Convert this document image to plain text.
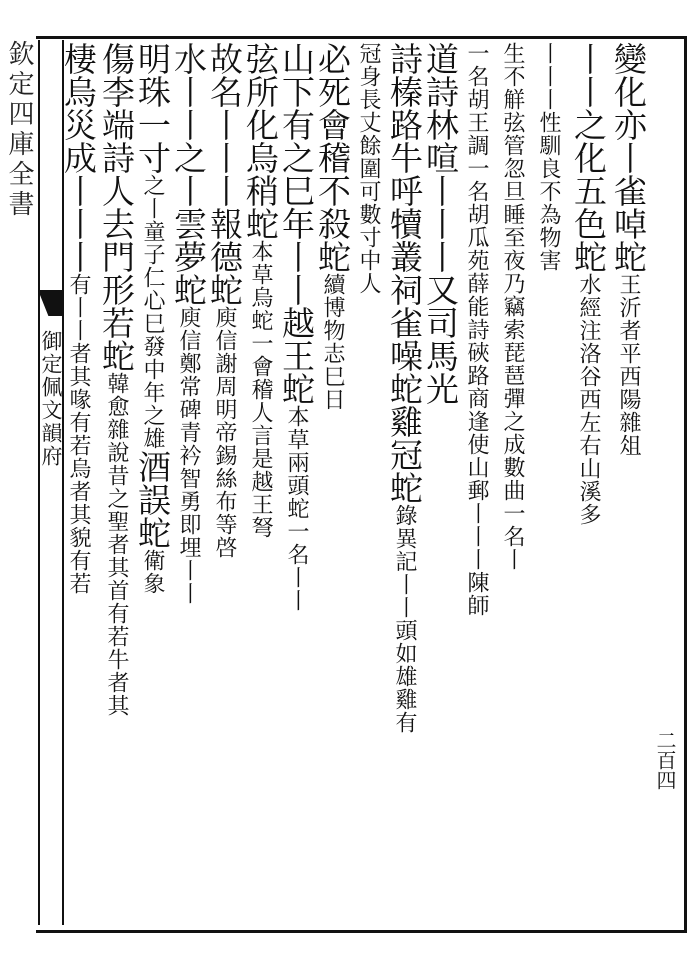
欽定四庫全書
御定佩文韻府
變化亦丨雀啅蛇王沂者平西陽雜俎
丨丨之化五色蛇水經注洛谷西左右山溪多
丨丨丨性馴良不為物害
生不觧弦管忽旦睡至夜乃竊索琵琶彈之成數曲一名丨
一名胡王調一名胡瓜苑薛能詩硤路商逢使山郵丨丨丨陳師
道詩林喧丨丨丨又司馬光
詩榛路牛呼犢叢祠雀噪蛇雞冠蛇錄異記丨丨頭如雄雞有
冠身長丈餘圍可數寸中人
必死會稽不殺蛇續博物志巳日
山下有之巳年丨丨越王蛇本草兩頭蛇一名丨丨
弦所化烏稍蛇本草烏蛇一會稽人言是越王弩
故名丨丨丨報德蛇庾信謝周明帝錫絲布等啓
水丨丨之丨雲夢蛇庾信鄭常碑青衿智勇即埋丨丨
明珠一寸之丨童子仁心巳發中年之雄酒誤蛇衛象
傷李端詩人去門形若蛇韓愈雜說昔之聖者其首有若牛者其
棲烏災成丨丨丨有丨丨者其喙有若烏者其貌有若
二百四
